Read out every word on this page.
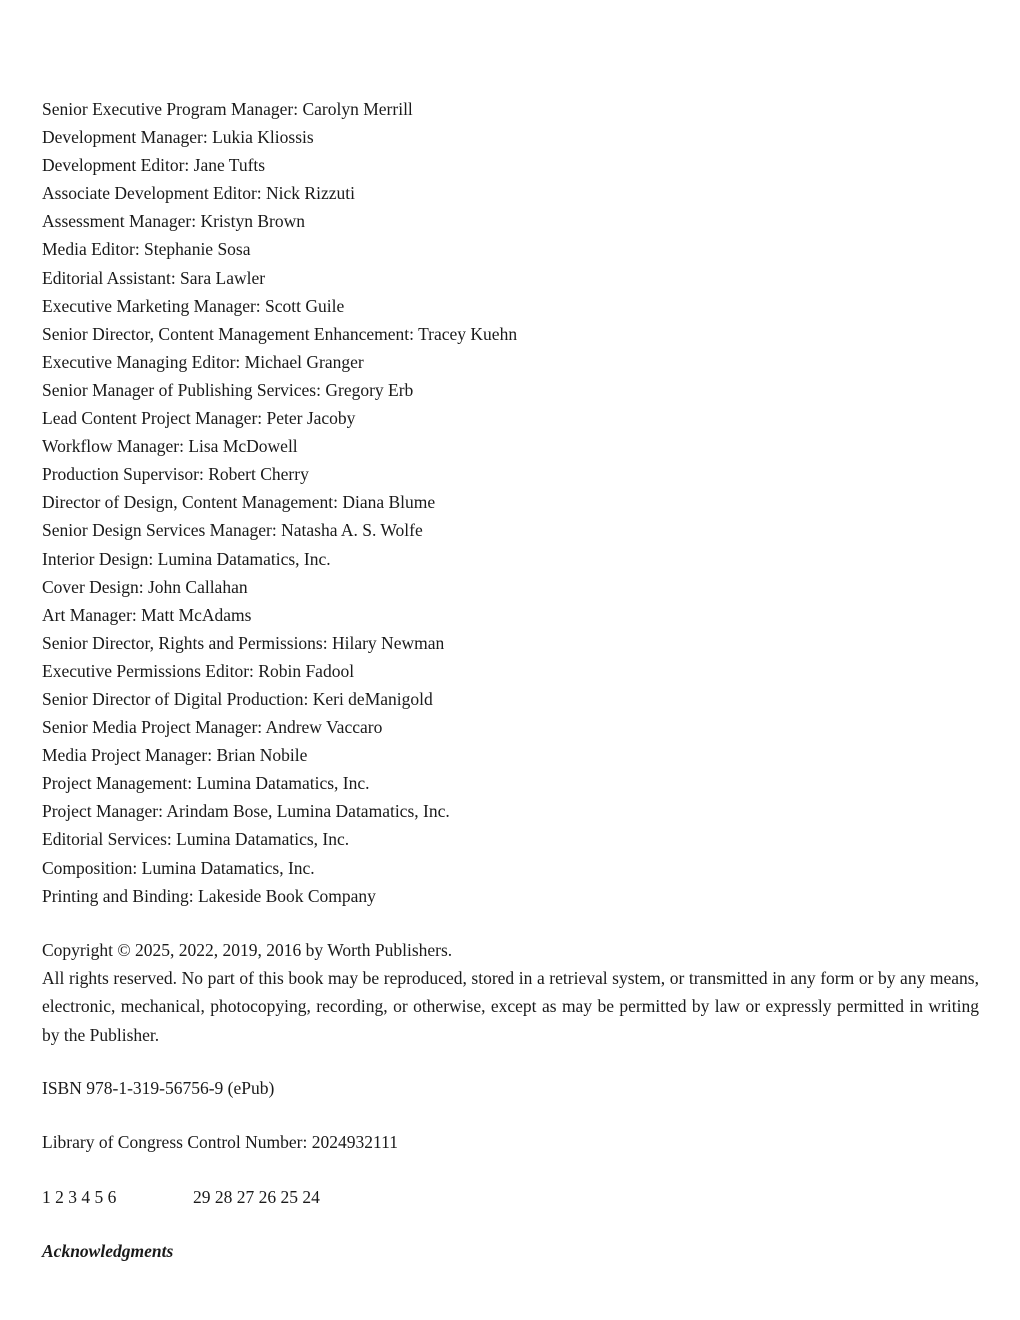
Senior Executive Program Manager: Carolyn Merrill
Development Manager: Lukia Kliossis
Development Editor: Jane Tufts
Associate Development Editor: Nick Rizzuti
Assessment Manager: Kristyn Brown
Media Editor: Stephanie Sosa
Editorial Assistant: Sara Lawler
Executive Marketing Manager: Scott Guile
Senior Director, Content Management Enhancement: Tracey Kuehn
Executive Managing Editor: Michael Granger
Senior Manager of Publishing Services: Gregory Erb
Lead Content Project Manager: Peter Jacoby
Workflow Manager: Lisa McDowell
Production Supervisor: Robert Cherry
Director of Design, Content Management: Diana Blume
Senior Design Services Manager: Natasha A. S. Wolfe
Interior Design: Lumina Datamatics, Inc.
Cover Design: John Callahan
Art Manager: Matt McAdams
Senior Director, Rights and Permissions: Hilary Newman
Executive Permissions Editor: Robin Fadool
Senior Director of Digital Production: Keri deManigold
Senior Media Project Manager: Andrew Vaccaro
Media Project Manager: Brian Nobile
Project Management: Lumina Datamatics, Inc.
Project Manager: Arindam Bose, Lumina Datamatics, Inc.
Editorial Services: Lumina Datamatics, Inc.
Composition: Lumina Datamatics, Inc.
Printing and Binding: Lakeside Book Company
Copyright © 2025, 2022, 2019, 2016 by Worth Publishers.

All rights reserved. No part of this book may be reproduced, stored in a retrieval system, or transmitted in any form or by any means, electronic, mechanical, photocopying, recording, or otherwise, except as may be permitted by law or expressly permitted in writing by the Publisher.

ISBN 978-1-319-56756-9 (ePub)
Library of Congress Control Number: 2024932111
1 2 3 4 5 6	29 28 27 26 25 24
Acknowledgments
